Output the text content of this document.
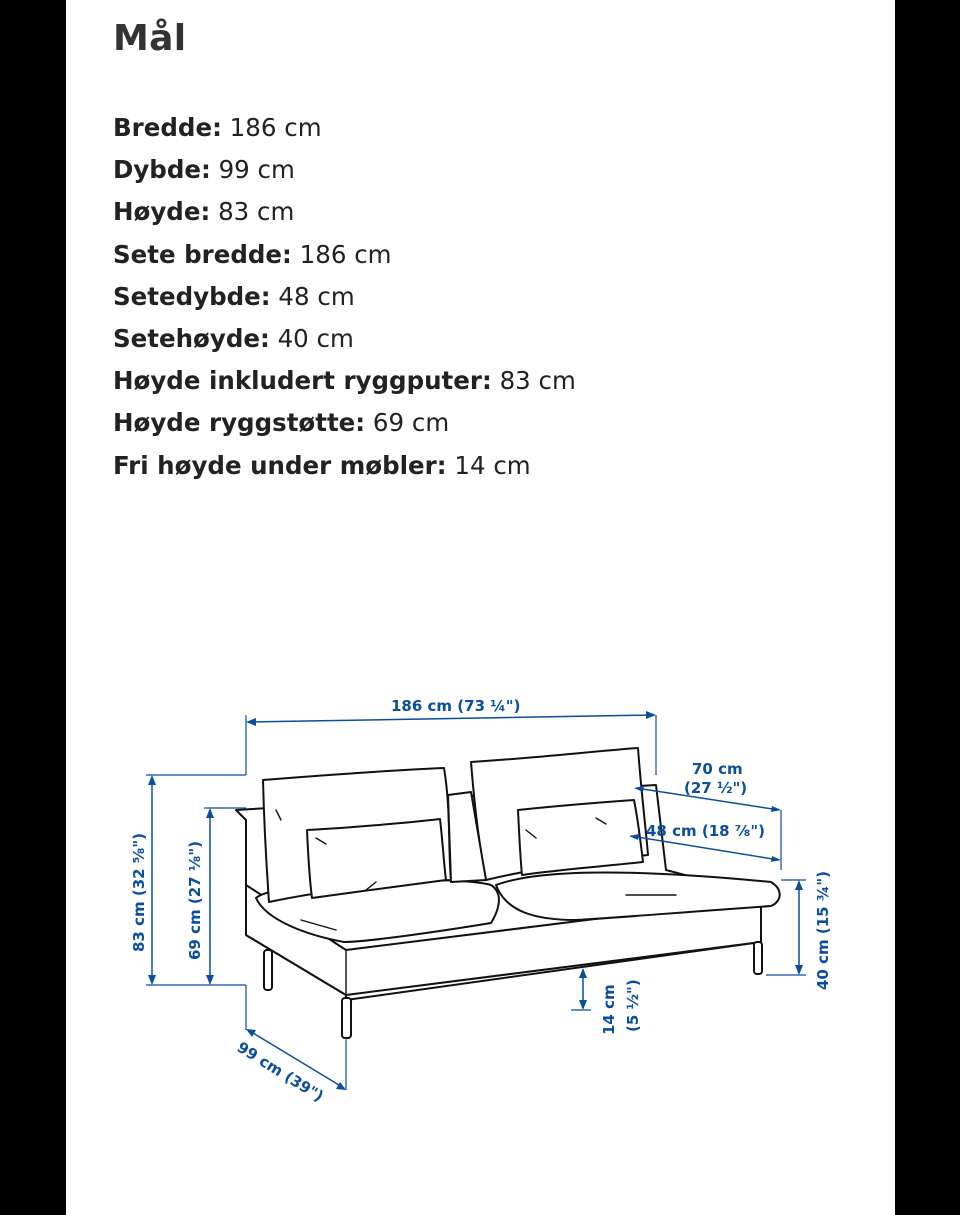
Mål
Bredde: 186 cm
Dybde: 99 cm
Høyde: 83 cm
Sete bredde: 186 cm
Setedybde: 48 cm
Setehøyde: 40 cm
Høyde inkludert ryggputer: 83 cm
Høyde ryggstøtte: 69 cm
Fri høyde under møbler: 14 cm
186 cm (73 ¼")
70 cm
(27 ½")
48 cm (18 ⅞")
83 cm (32 ⅝")	69 cm (27 ⅛")	40 cm (15 ¾")
14 cm (5 ½")
99 cm (39")
